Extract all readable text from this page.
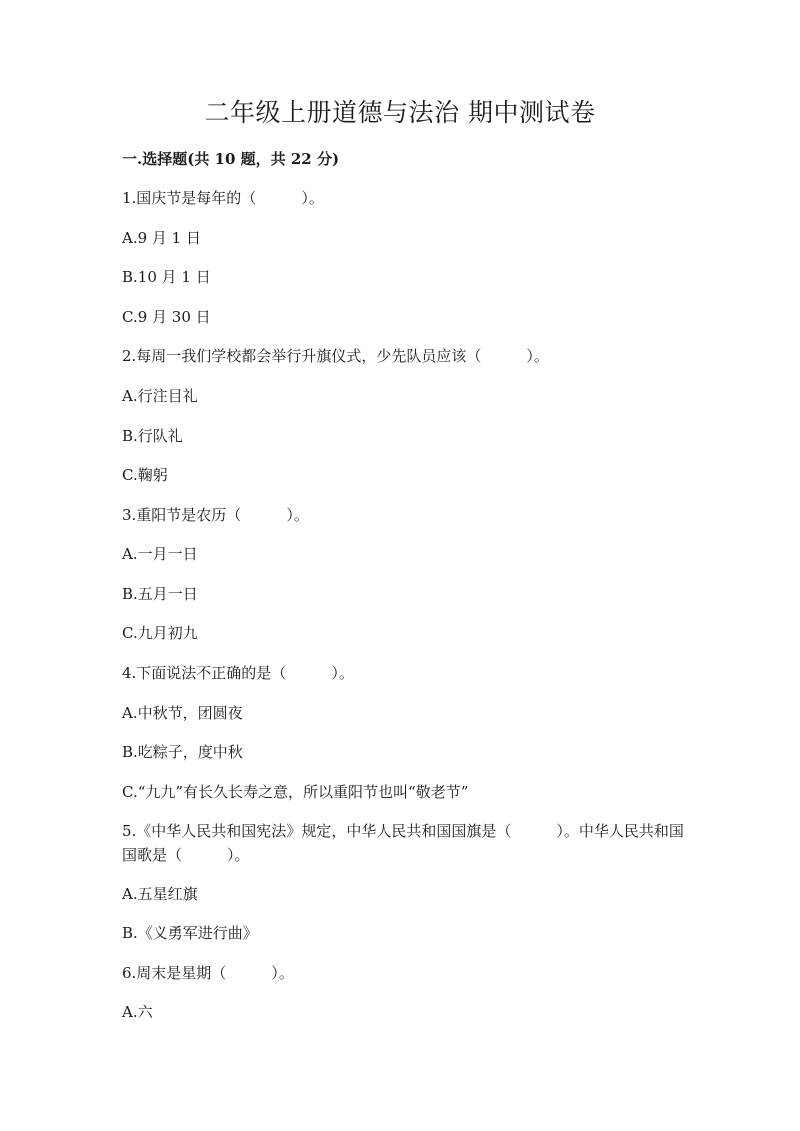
二年级上册道德与法治 期中测试卷

一.选择题(共 10 题，共 22 分)

1.国庆节是每年的（　　　）。

A.9 月 1 日

B.10 月 1 日

C.9 月 30 日

2.每周一我们学校都会举行升旗仪式，少先队员应该（　　　）。

A.行注目礼

B.行队礼

C.鞠躬

3.重阳节是农历（　　　）。

A.一月一日

B.五月一日

C.九月初九

4.下面说法不正确的是（　　　）。

A.中秋节，团圆夜

B.吃粽子，度中秋

C.“九九”有长久长寿之意，所以重阳节也叫“敬老节”

5.《中华人民共和国宪法》规定，中华人民共和国国旗是（　　　）。中华人民共和国国歌是（　　　）。

A.五星红旗

B.《义勇军进行曲》

6.周末是星期（　　　）。

A.六
